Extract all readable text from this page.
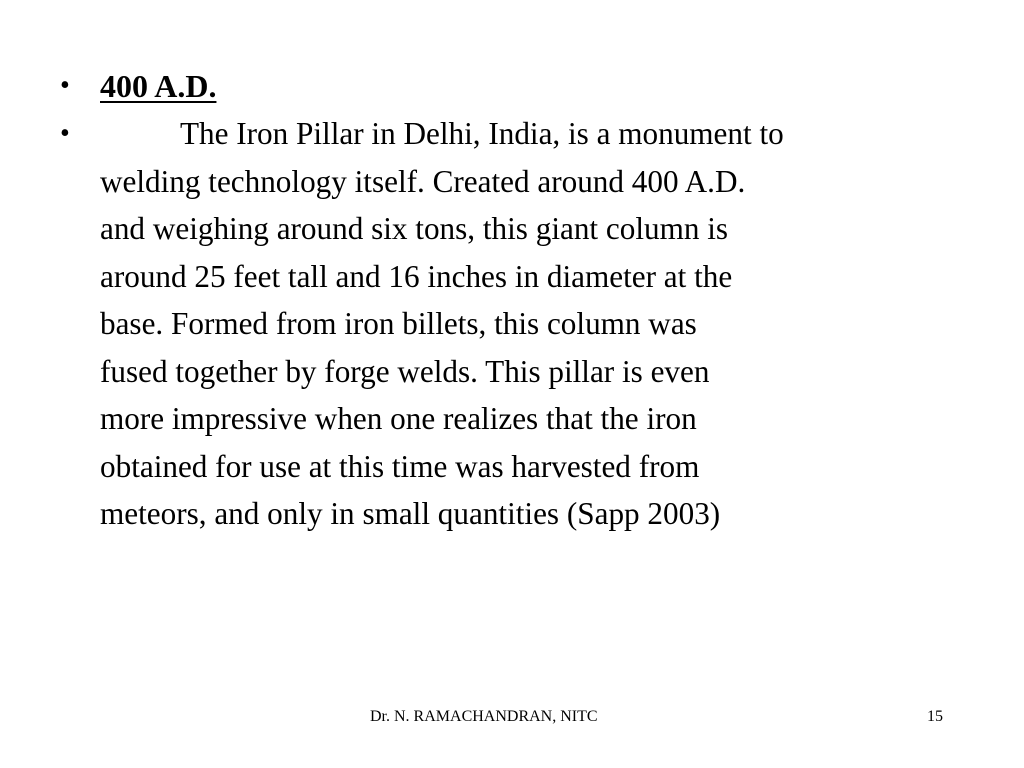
• 400 A.D.
•	The Iron Pillar in Delhi, India, is a monument to
welding technology itself. Created around 400 A.D.
and weighing around six tons, this giant column is
around 25 feet tall and 16 inches in diameter at the
base. Formed from iron billets, this column was
fused together by forge welds. This pillar is even
more impressive when one realizes that the iron
obtained for use at this time was harvested from
meteors, and only in small quantities (Sapp 2003)
Dr. N. RAMACHANDRAN, NITC	15
